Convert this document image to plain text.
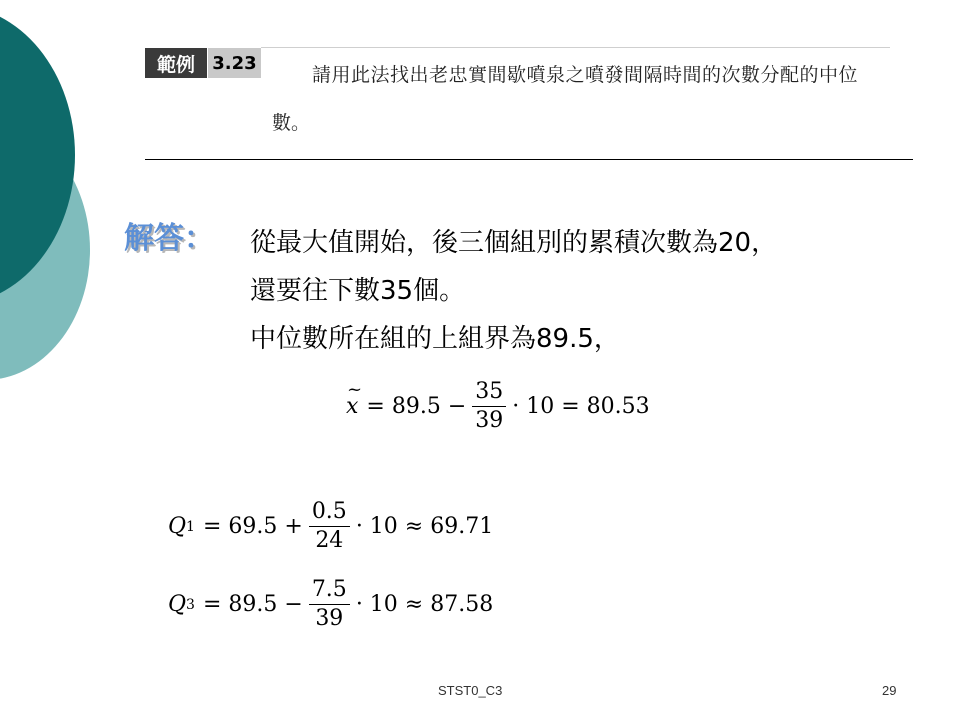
範例 3.23
請用此法找出老忠實間歇噴泉之噴發間隔時間的次數分配的中位
數。
解答： 從最大值開始，後三個組別的累積次數為20，
還要往下數35個。
中位數所在組的上組界為89.5，
~ $x = 89.5 - \frac{35}{39} \cdot 10 = 80.53$
Q $1 = 69.5 + \frac{0.5}{24} \cdot 10 \approx 69.71$
Q $3 = 89.5 - \frac{7.5}{39} \cdot 10 \approx 87.58$
STST0_C3	29
